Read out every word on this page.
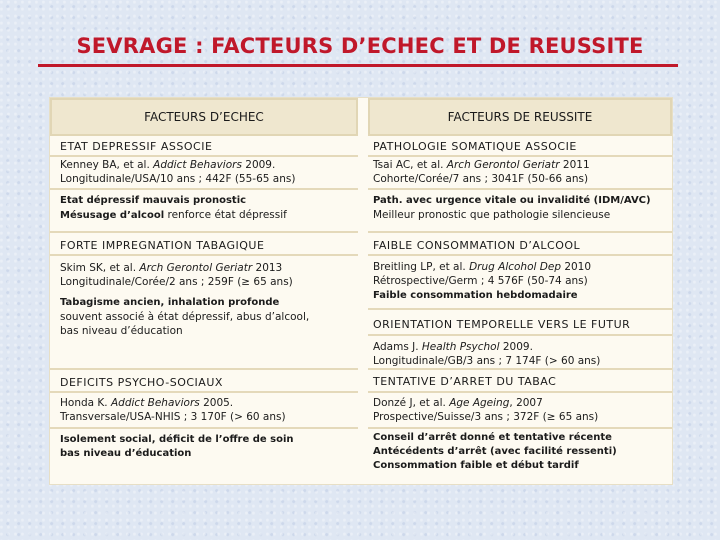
SEVRAGE : FACTEURS D’ECHEC ET DE REUSSITE
FACTEURS D’ECHEC
ETAT DEPRESSIF ASSOCIE
Kenney BA, et al. Addict Behaviors 2009.
Longitudinale/USA/10 ans ; 442F (55-65 ans)
Etat dépressif mauvais pronostic
Mésusage d’alcool renforce état dépressif
FORTE IMPREGNATION TABAGIQUE
Skim SK, et al. Arch Gerontol Geriatr 2013
Longitudinale/Corée/2 ans ; 259F (≥ 65 ans)
Tabagisme ancien, inhalation profonde
souvent associé à état dépressif, abus d’alcool,
bas niveau d’éducation
DEFICITS PSYCHO-SOCIAUX
Honda K. Addict Behaviors 2005.
Transversale/USA-NHIS ; 3 170F (> 60 ans)
Isolement social, déficit de l’offre de soin
bas niveau d’éducation
FACTEURS DE REUSSITE
PATHOLOGIE SOMATIQUE ASSOCIE
Tsai AC, et al. Arch Gerontol Geriatr 2011
Cohorte/Corée/7 ans ; 3041F (50-66 ans)
Path. avec urgence vitale ou invalidité (IDM/AVC)
Meilleur pronostic que pathologie silencieuse
FAIBLE CONSOMMATION D’ALCOOL
Breitling LP, et al. Drug Alcohol Dep 2010
Rétrospective/Germ ; 4 576F (50-74 ans)
Faible consommation hebdomadaire
ORIENTATION TEMPORELLE VERS LE FUTUR
Adams J. Health Psychol 2009.
Longitudinale/GB/3 ans ; 7 174F (> 60 ans)
TENTATIVE D’ARRET DU TABAC
Donzé J, et al. Age Ageing, 2007
Prospective/Suisse/3 ans ; 372F (≥ 65 ans)
Conseil d’arrêt donné et tentative récente
Antécédents d’arrêt (avec facilité ressenti)
Consommation faible et début tardif
